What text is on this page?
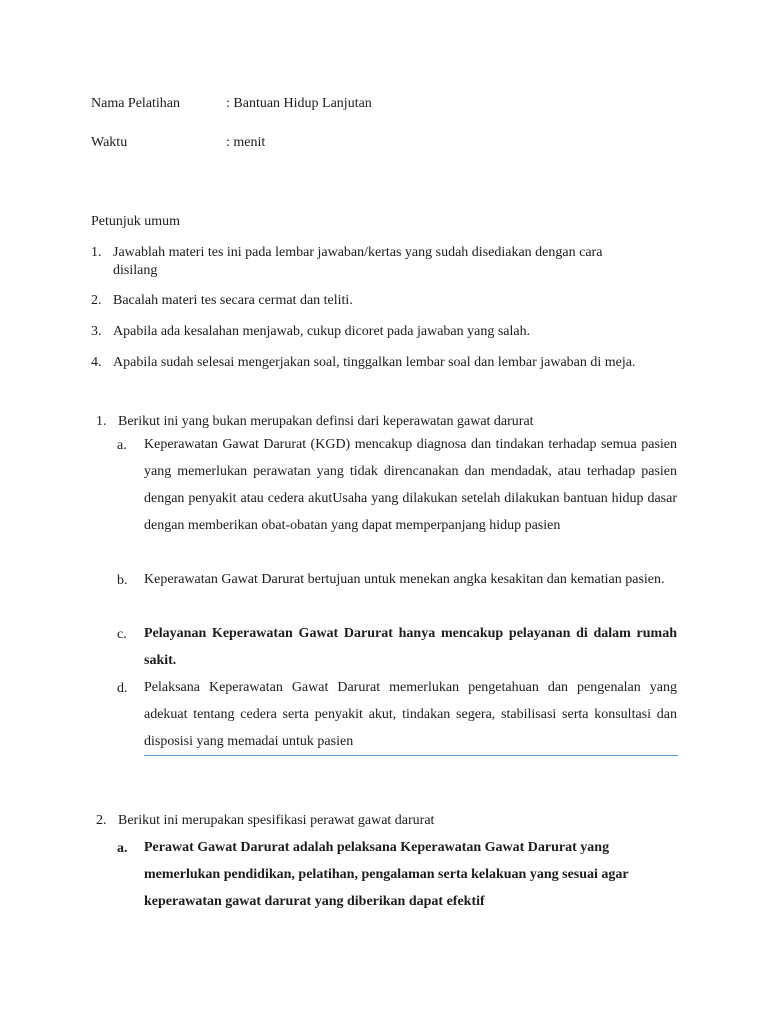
Nama Pelatihan	: Bantuan Hidup Lanjutan
Waktu	: menit
Petunjuk umum
1. Jawablah materi tes ini pada lembar jawaban/kertas yang sudah disediakan dengan cara
disilang
2. Bacalah materi tes secara cermat dan teliti.
3. Apabila ada kesalahan menjawab, cukup dicoret pada jawaban yang salah.
4. Apabila sudah selesai mengerjakan soal, tinggalkan lembar soal dan lembar jawaban di meja.
1. Berikut ini yang bukan merupakan definsi dari keperawatan gawat darurat
a. Keperawatan Gawat Darurat (KGD) mencakup diagnosa dan tindakan terhadap semua pasien yang memerlukan perawatan yang tidak direncanakan dan mendadak, atau terhadap pasien dengan penyakit atau cedera akutUsaha yang dilakukan setelah dilakukan bantuan hidup dasar dengan memberikan obat-obatan yang dapat memperpanjang hidup pasien
b. Keperawatan Gawat Darurat bertujuan untuk menekan angka kesakitan dan kematian pasien.
c. Pelayanan Keperawatan Gawat Darurat hanya mencakup pelayanan di dalam rumah sakit.
d. Pelaksana Keperawatan Gawat Darurat memerlukan pengetahuan dan pengenalan yang adekuat tentang cedera serta penyakit akut, tindakan segera, stabilisasi serta konsultasi dan disposisi yang memadai untuk pasien
2. Berikut ini merupakan spesifikasi perawat gawat darurat
a. Perawat Gawat Darurat adalah pelaksana Keperawatan Gawat Darurat yang memerlukan pendidikan, pelatihan, pengalaman serta kelakuan yang sesuai agar keperawatan gawat darurat yang diberikan dapat efektif
